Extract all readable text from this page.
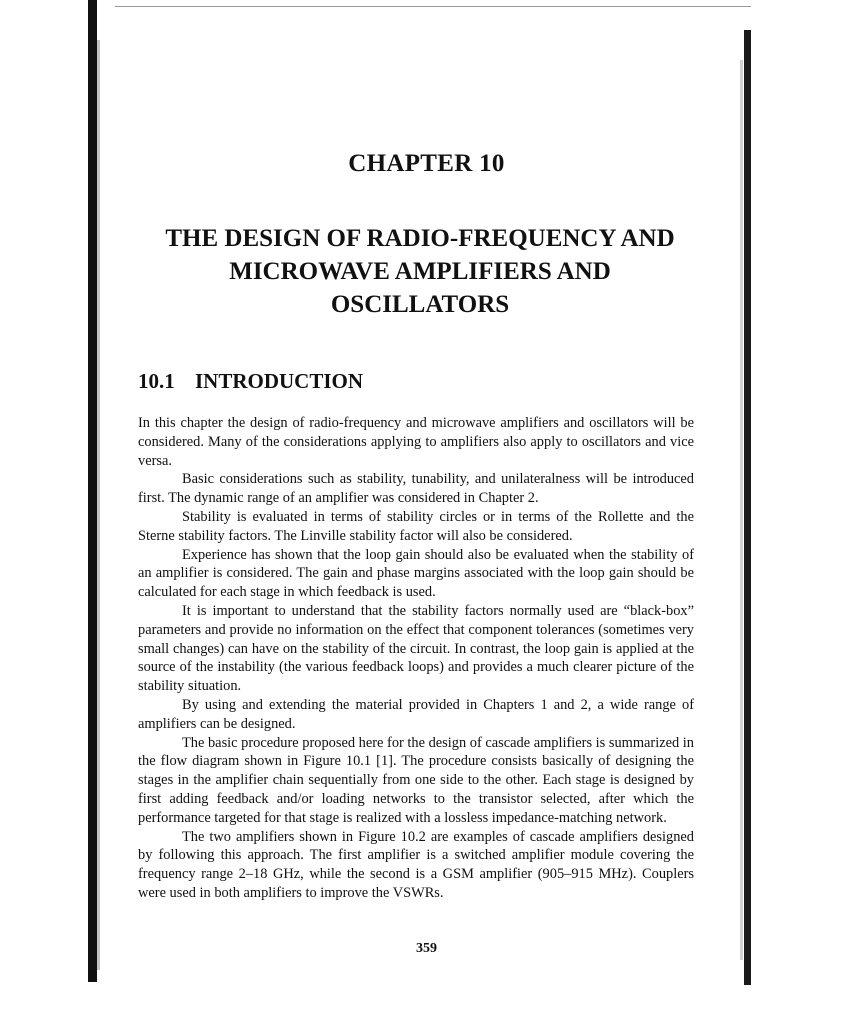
CHAPTER 10
THE DESIGN OF RADIO-FREQUENCY AND
MICROWAVE AMPLIFIERS AND
OSCILLATORS
10.1 INTRODUCTION

In this chapter the design of radio-frequency and microwave amplifiers and oscillators will be considered. Many of the considerations applying to amplifiers also apply to oscillators and vice versa.

Basic considerations such as stability, tunability, and unilateralness will be introduced first. The dynamic range of an amplifier was considered in Chapter 2.

Stability is evaluated in terms of stability circles or in terms of the Rollette and the Sterne stability factors. The Linville stability factor will also be considered.

Experience has shown that the loop gain should also be evaluated when the stability of an amplifier is considered. The gain and phase margins associated with the loop gain should be calculated for each stage in which feedback is used.

It is important to understand that the stability factors normally used are “black-box” parameters and provide no information on the effect that component tolerances (sometimes very small changes) can have on the stability of the circuit. In contrast, the loop gain is applied at the source of the instability (the various feedback loops) and provides a much clearer picture of the stability situation.

By using and extending the material provided in Chapters 1 and 2, a wide range of amplifiers can be designed.

The basic procedure proposed here for the design of cascade amplifiers is summarized in the flow diagram shown in Figure 10.1 [1]. The procedure consists basically of designing the stages in the amplifier chain sequentially from one side to the other. Each stage is designed by first adding feedback and/or loading networks to the transistor selected, after which the performance targeted for that stage is realized with a lossless impedance-matching network.

The two amplifiers shown in Figure 10.2 are examples of cascade amplifiers designed by following this approach. The first amplifier is a switched amplifier module covering the frequency range 2–18 GHz, while the second is a GSM amplifier (905–915 MHz). Couplers were used in both amplifiers to improve the VSWRs.

359
